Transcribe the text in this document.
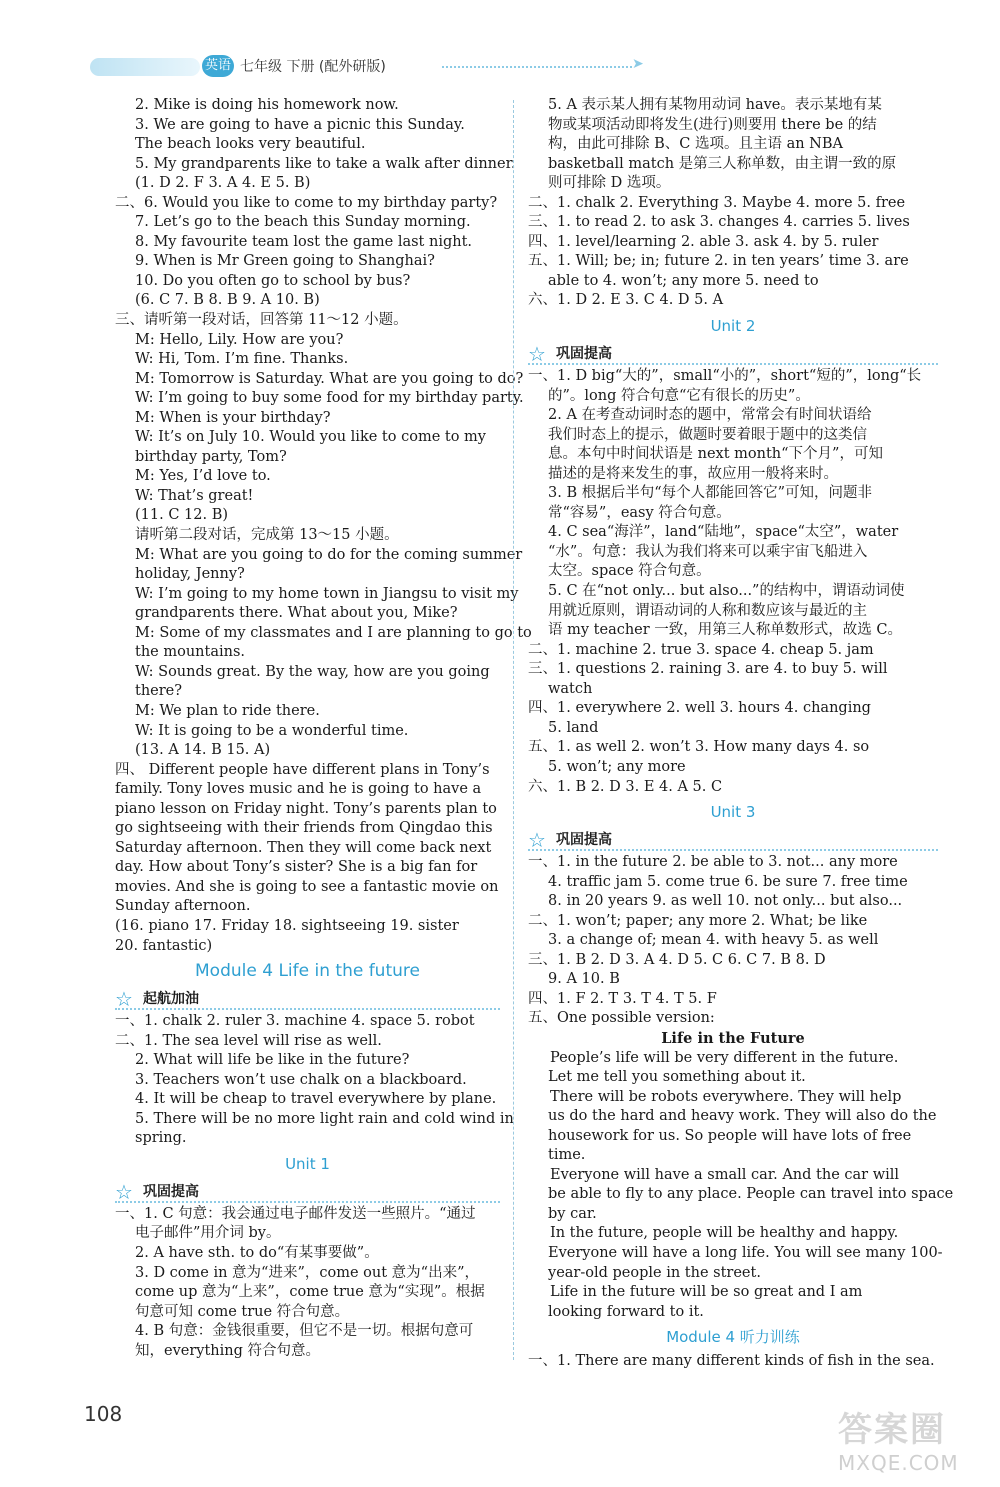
英语 七年级 下册 (配外研版)	➤
2. Mike is doing his homework now.
3. We are going to have a picnic this Sunday.
The beach looks very beautiful.
5. My grandparents like to take a walk after dinner.
(1. D 2. F 3. A 4. E 5. B)
二、6. Would you like to come to my birthday party?
7. Let’s go to the beach this Sunday morning.
8. My favourite team lost the game last night.
9. When is Mr Green going to Shanghai?
10. Do you often go to school by bus?
(6. C 7. B 8. B 9. A 10. B)
三、请听第一段对话，回答第 11～12 小题。
M: Hello, Lily. How are you?
W: Hi, Tom. I’m fine. Thanks.
M: Tomorrow is Saturday. What are you going to do?
W: I’m going to buy some food for my birthday party.
M: When is your birthday?
W: It’s on July 10. Would you like to come to my
birthday party, Tom?
M: Yes, I’d love to.
W: That’s great!
(11. C 12. B)
请听第二段对话，完成第 13～15 小题。
M: What are you going to do for the coming summer
holiday, Jenny?
W: I’m going to my home town in Jiangsu to visit my
grandparents there. What about you, Mike?
M: Some of my classmates and I are planning to go to
the mountains.
W: Sounds great. By the way, how are you going
there?
M: We plan to ride there.
W: It is going to be a wonderful time.
(13. A 14. B 15. A)
四、 Different people have different plans in Tony’s
family. Tony loves music and he is going to have a
piano lesson on Friday night. Tony’s parents plan to
go sightseeing with their friends from Qingdao this
Saturday afternoon. Then they will come back next
day. How about Tony’s sister? She is a big fan for
movies. And she is going to see a fantastic movie on
Sunday afternoon.
(16. piano 17. Friday 18. sightseeing 19. sister
20. fantastic)
Module 4 Life in the future
☆ 起航加油
一、1. chalk 2. ruler 3. machine 4. space 5. robot
二、1. The sea level will rise as well.
2. What will life be like in the future?
3. Teachers won’t use chalk on a blackboard.
4. It will be cheap to travel everywhere by plane.
5. There will be no more light rain and cold wind in
spring.
Unit 1
☆ 巩固提高
一、1. C 句意：我会通过电子邮件发送一些照片。“通过
电子邮件”用介词 by。
2. A have sth. to do“有某事要做”。
3. D come in 意为“进来”，come out 意为“出来”，
come up 意为“上来”，come true 意为“实现”。根据
句意可知 come true 符合句意。
4. B 句意：金钱很重要，但它不是一切。根据句意可
知，everything 符合句意。
5. A 表示某人拥有某物用动词 have。表示某地有某
物或某项活动即将发生(进行)则要用 there be 的结
构，由此可排除 B、C 选项。且主语 an NBA
basketball match 是第三人称单数，由主谓一致的原
则可排除 D 选项。
二、1. chalk 2. Everything 3. Maybe 4. more 5. free
三、1. to read 2. to ask 3. changes 4. carries 5. lives
四、1. level/learning 2. able 3. ask 4. by 5. ruler
五、1. Will; be; in; future 2. in ten years’ time 3. are
able to 4. won’t; any more 5. need to
六、1. D 2. E 3. C 4. D 5. A
Unit 2
☆ 巩固提高
一、1. D big“大的”，small“小的”，short“短的”，long“长
的”。long 符合句意“它有很长的历史”。
2. A 在考查动词时态的题中，常常会有时间状语给
我们时态上的提示，做题时要着眼于题中的这类信
息。本句中时间状语是 next month“下个月”，可知
描述的是将来发生的事，故应用一般将来时。
3. B 根据后半句“每个人都能回答它”可知，问题非
常“容易”，easy 符合句意。
4. C sea“海洋”，land“陆地”，space“太空”，water
“水”。句意：我认为我们将来可以乘宇宙飞船进入
太空。space 符合句意。
5. C 在“not only... but also...”的结构中，谓语动词使
用就近原则，谓语动词的人称和数应该与最近的主
语 my teacher 一致，用第三人称单数形式，故选 C。
二、1. machine 2. true 3. space 4. cheap 5. jam
三、1. questions 2. raining 3. are 4. to buy 5. will
watch
四、1. everywhere 2. well 3. hours 4. changing
5. land
五、1. as well 2. won’t 3. How many days 4. so
5. won’t; any more
六、1. B 2. D 3. E 4. A 5. C
Unit 3
☆ 巩固提高
一、1. in the future 2. be able to 3. not... any more
4. traffic jam 5. come true 6. be sure 7. free time
8. in 20 years 9. as well 10. not only... but also...
二、1. won’t; paper; any more 2. What; be like
3. a change of; mean 4. with heavy 5. as well
三、1. B 2. D 3. A 4. D 5. C 6. C 7. B 8. D
9. A 10. B
四、1. F 2. T 3. T 4. T 5. F
五、One possible version:
Life in the Future
People’s life will be very different in the future.
Let me tell you something about it.
There will be robots everywhere. They will help
us do the hard and heavy work. They will also do the
housework for us. So people will have lots of free
time.
Everyone will have a small car. And the car will
be able to fly to any place. People can travel into space
by car.
In the future, people will be healthy and happy.
Everyone will have a long life. You will see many 100-
year-old people in the street.
Life in the future will be so great and I am
looking forward to it.
Module 4 听力训练
一、1. There are many different kinds of fish in the sea.
108	答案圈
MXQE.COM
